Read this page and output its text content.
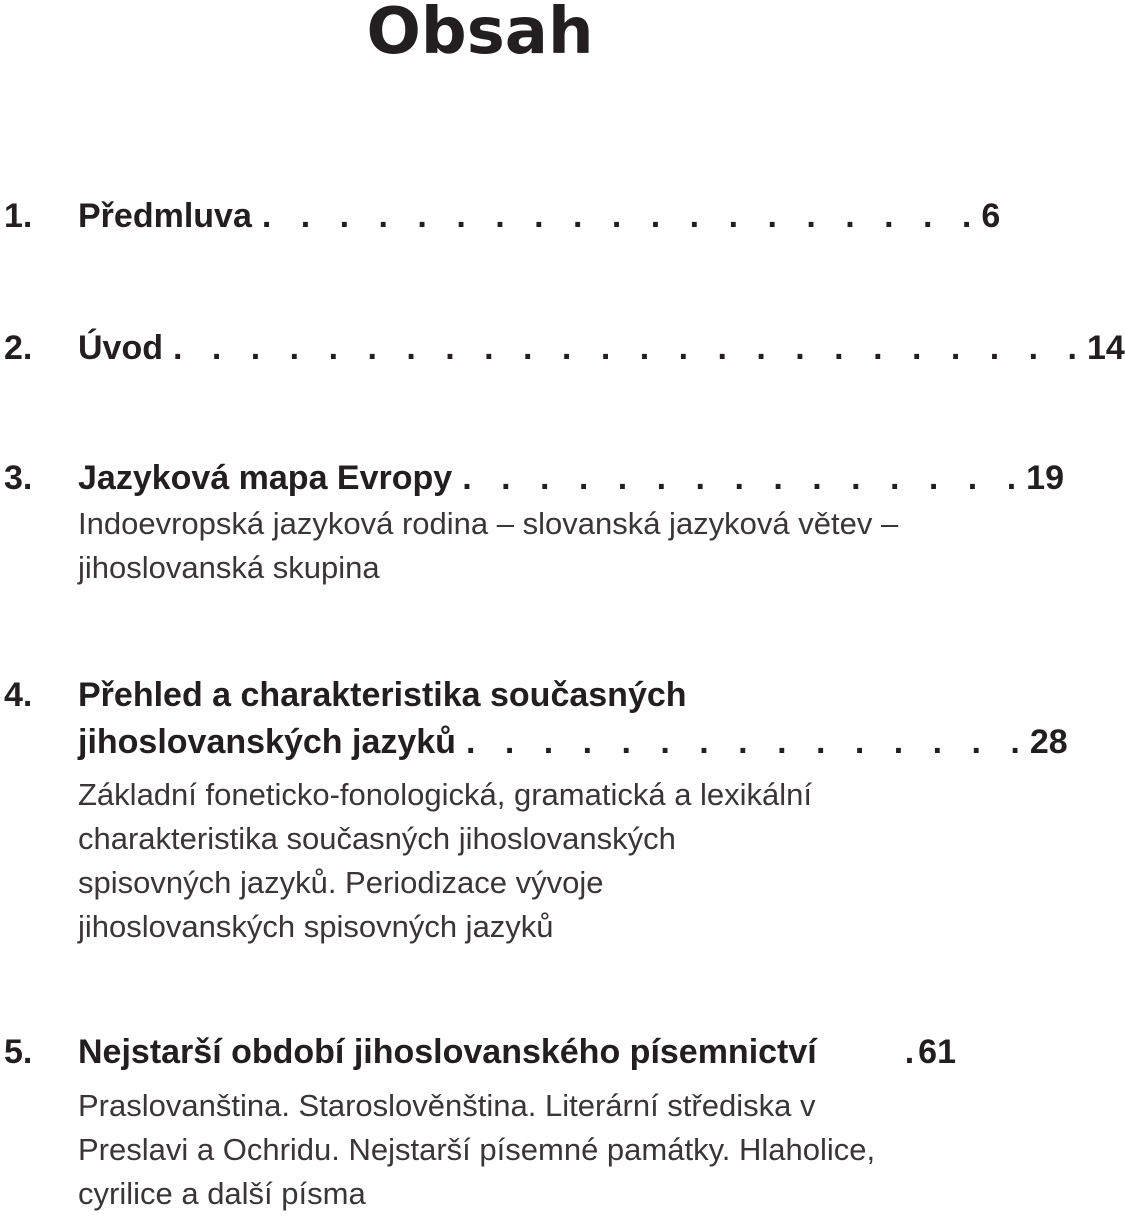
Obsah
1. Předmluva . . . . . . . . . . . . . . . . . . . 6
2. Úvod . . . . . . . . . . . . . . . . . . . . . . . . 14
3. Jazyková mapa Evropy . . . . . . . . . . . . . . . 19
Indoevropská jazyková rodina – slovanská jazyková větev – jihoslovanská skupina
4. Přehled a charakteristika současných
jihoslovanských jazyků . . . . . . . . . . . . . . . 28
Základní foneticko-fonologická, gramatická a lexikální charakteristika současných jihoslovanských spisovných jazyků. Periodizace vývoje jihoslovanských spisovných jazyků
5. Nejstarší období jihoslovanského písemnictví	. 61
Praslovanština. Staroslověnština. Literární střediska v Preslavi a Ochridu. Nejstarší písemné památky. Hlaholice, cyrilice a další písma
